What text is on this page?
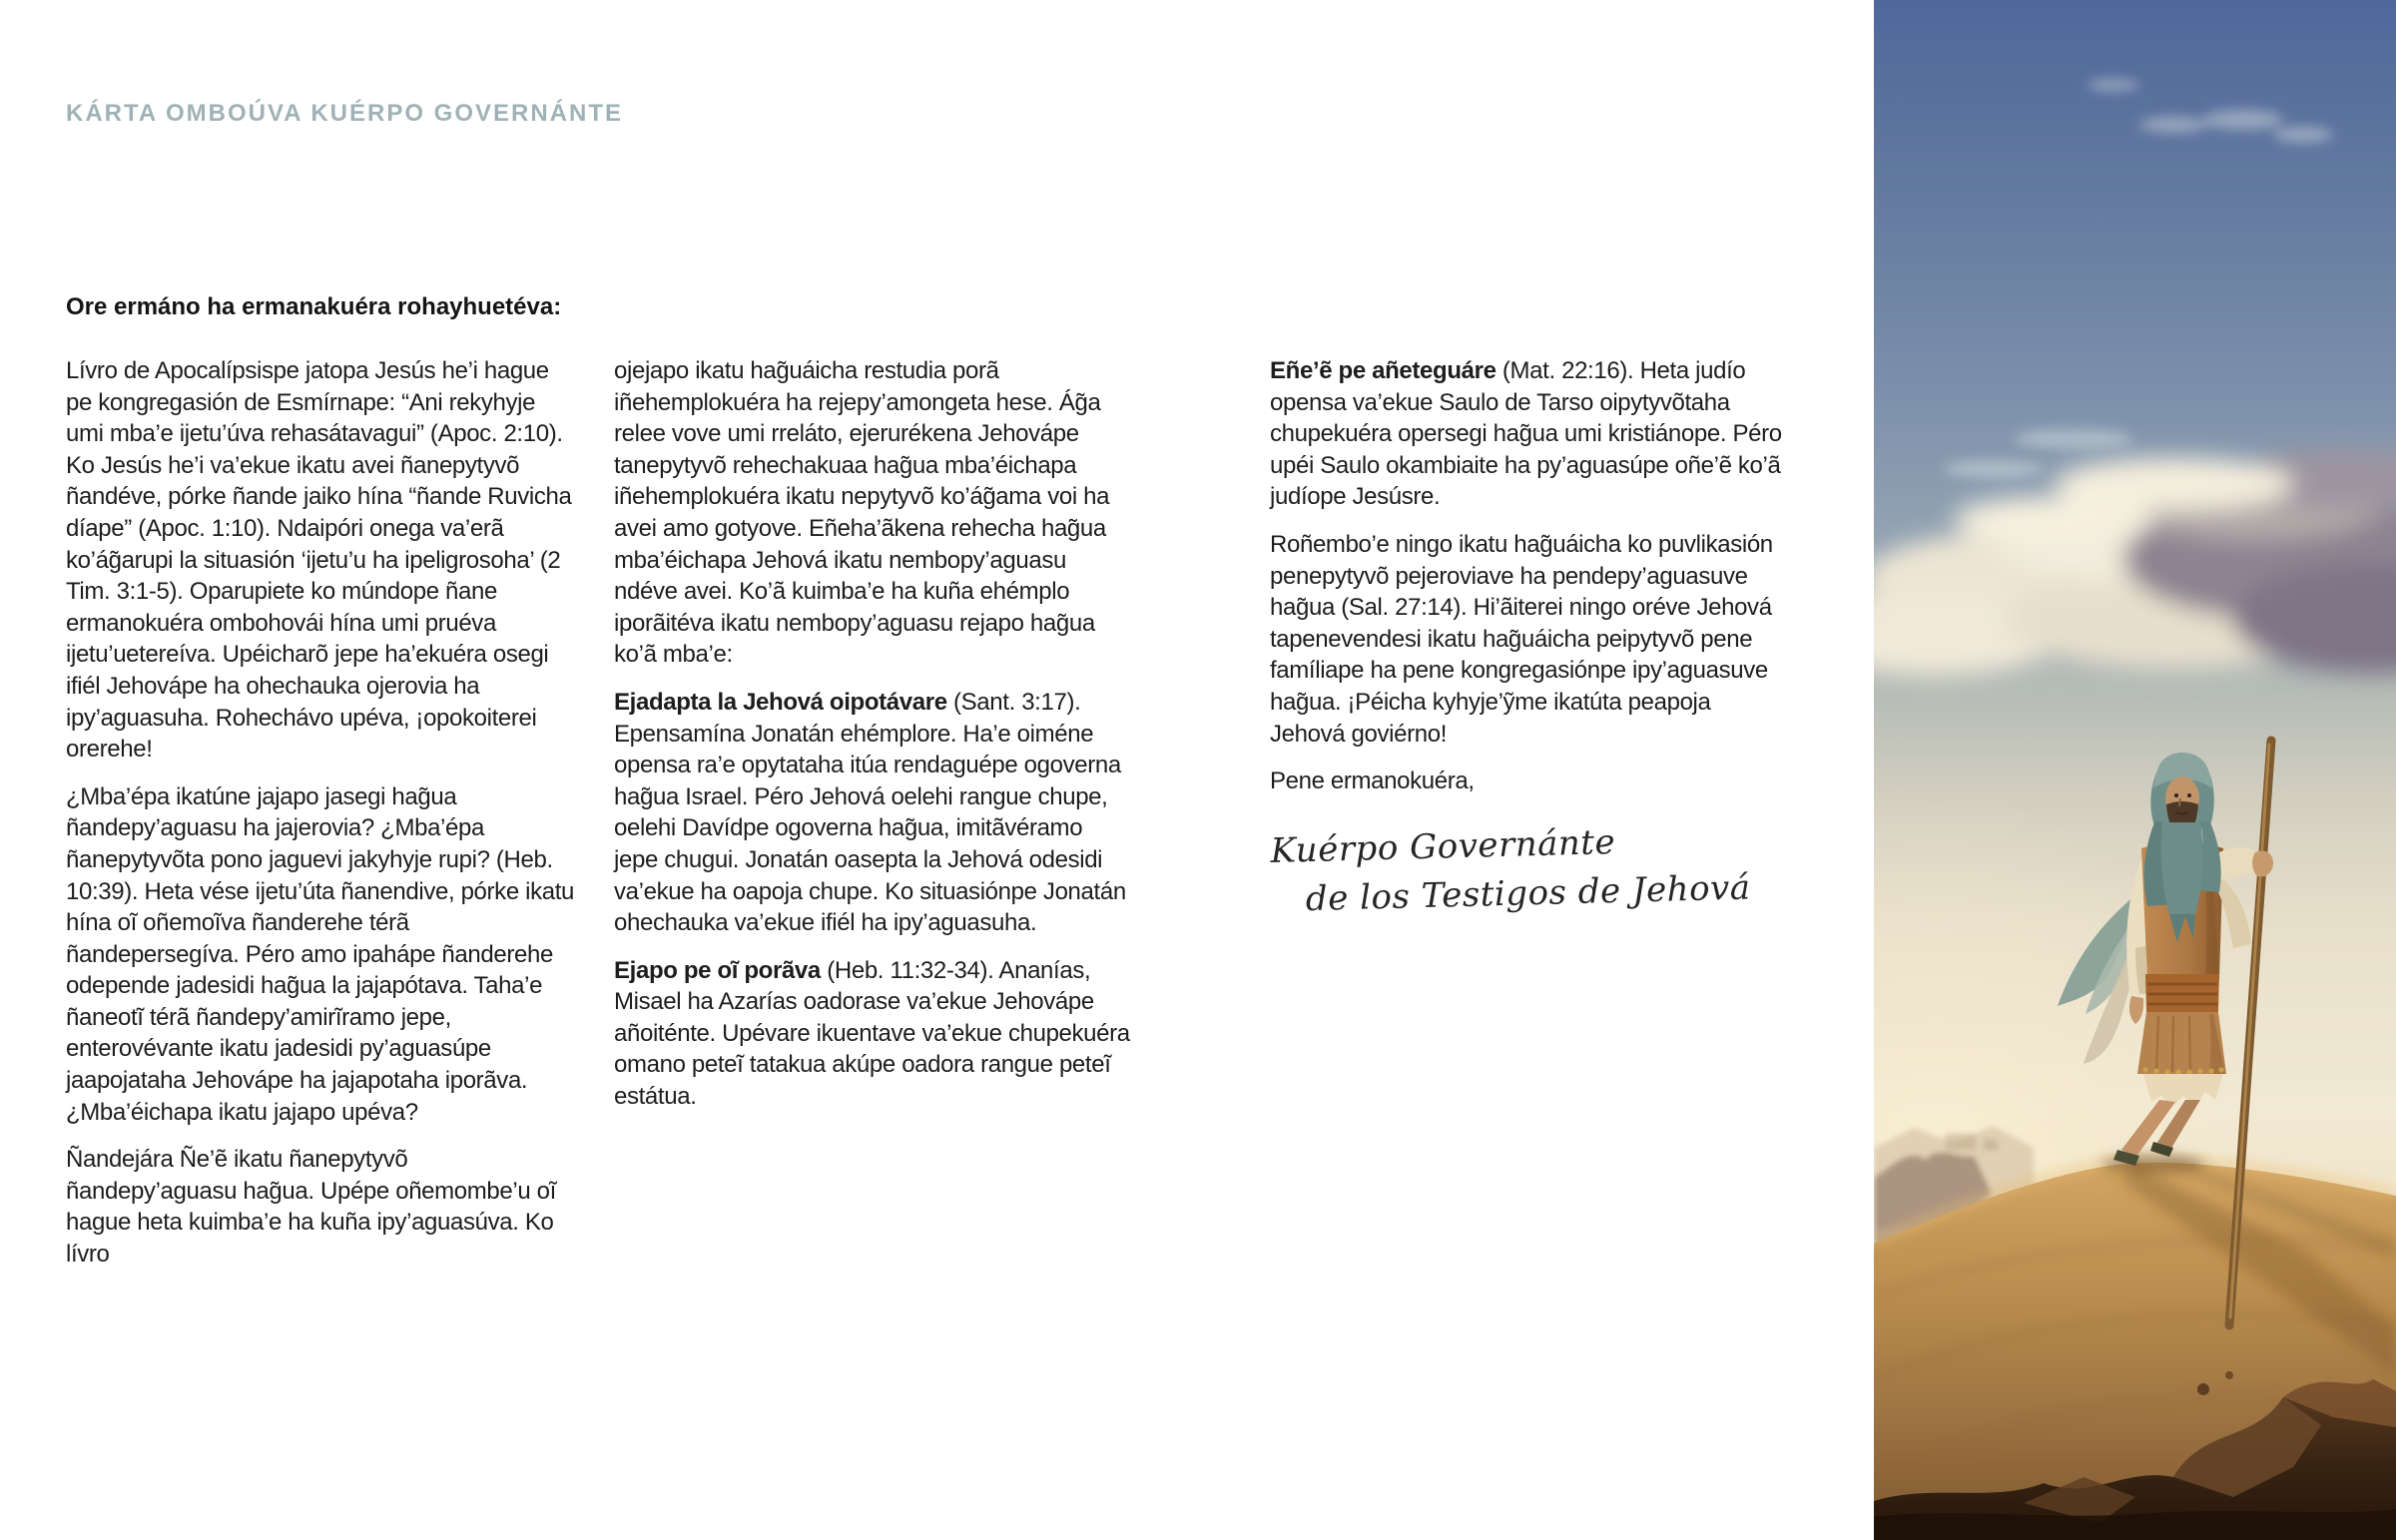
KÁRTA OMBOÚVA KUÉRPO GOVERNÁNTE
Ore ermáno ha ermanakuéra rohayhuetéva:

Lívro de Apocalípsispe jatopa Jesús he’i hague pe kongregasión de Esmírnape: “Ani rekyhyje umi mba’e ijetu’úva rehasátavagui” (Apoc. 2:10). Ko Jesús he’i va’ekue ikatu avei ñanepytyvõ ñandéve, pórke ñande jaiko hína “ñande Ruvicha díape” (Apoc. 1:10). Ndaipóri onega va’erã ko’ág̃arupi la situasión ‘ijetu’u ha ipeligrosoha’ (2 Tim. 3:1-5). Oparupiete ko múndope ñane ermanokuéra ombohovái hína umi pruéva ijetu’uetereíva. Upéicharõ jepe ha’ekuéra osegi ifiél Jehovápe ha ohechauka ojerovia ha ipy’aguasuha. Rohechávo upéva, ¡opokoiterei orerehe!

¿Mba’épa ikatúne jajapo jasegi hag̃ua ñandepy’aguasu ha jajerovia? ¿Mba’épa ñanepytyvõta pono jaguevi jakyhyje rupi? (Heb. 10:39). Heta vése ijetu’úta ñanendive, pórke ikatu hína oĩ oñemoĩva ñanderehe térã ñandepersegíva. Péro amo ipahápe ñanderehe odepende jadesidi hag̃ua la jajapótava. Taha’e ñaneotĩ térã ñandepy’amirĩramo jepe, enterovévante ikatu jadesidi py’aguasúpe jaapojataha Jehovápe ha jajapotaha iporãva. ¿Mba’éichapa ikatu jajapo upéva?

Ñandejára Ñe’ẽ ikatu ñanepytyvõ ñandepy’aguasu hag̃ua. Upépe oñemombe’u oĩ hague heta kuimba’e ha kuña ipy’aguasúva. Ko lívro

ojejapo ikatu hag̃uáicha restudia porã iñehemplokuéra ha rejepy’amongeta hese. Ág̃a relee vove umi rreláto, ejerurékena Jehovápe tanepytyvõ rehechakuaa hag̃ua mba’éichapa iñehemplokuéra ikatu nepytyvõ ko’ág̃ama voi ha avei amo gotyove. Eñeha’ãkena rehecha hag̃ua mba’éichapa Jehová ikatu nembopy’aguasu ndéve avei. Ko’ã kuimba’e ha kuña ehémplo iporãitéva ikatu nembopy’aguasu rejapo hag̃ua ko’ã mba’e:

Ejadapta la Jehová oipotávare (Sant. 3:17). Epensamína Jonatán ehémplore. Ha’e oiméne opensa ra’e opytataha itúa rendaguépe ogoverna hag̃ua Israel. Péro Jehová oelehi rangue chupe, oelehi Davídpe ogoverna hag̃ua, imitãvéramo jepe chugui. Jonatán oasepta la Jehová odesidi va’ekue ha oapoja chupe. Ko situasiónpe Jonatán ohechauka va’ekue ifiél ha ipy’aguasuha.

Ejapo pe oĩ porãva (Heb. 11:32-34). Ananías, Misael ha Azarías oadorase va’ekue Jehovápe añoiténte. Upévare ikuentave va’ekue chupekuéra omano peteĩ tatakua akúpe oadora rangue peteĩ estátua.

Eñe’ẽ pe añeteguáre (Mat. 22:16). Heta judío opensa va’ekue Saulo de Tarso oipytyvõtaha chupekuéra opersegi hag̃ua umi kristiánope. Péro upéi Saulo okambiaite ha py’aguasúpe oñe’ẽ ko’ã judíope Jesúsre.

Roñembo’e ningo ikatu hag̃uáicha ko puvlikasión penepytyvõ pejeroviave ha pendepy’aguasuve hag̃ua (Sal. 27:14). Hi’ãiterei ningo oréve Jehová tapenevendesi ikatu hag̃uáicha peipytyvõ pene famíliape ha pene kongregasiónpe ipy’aguasuve hag̃ua. ¡Péicha kyhyje’ỹme ikatúta peapoja Jehová goviérno!

Pene ermanokuéra,

Kuérpo Governánte
de los Testigos de Jehová
